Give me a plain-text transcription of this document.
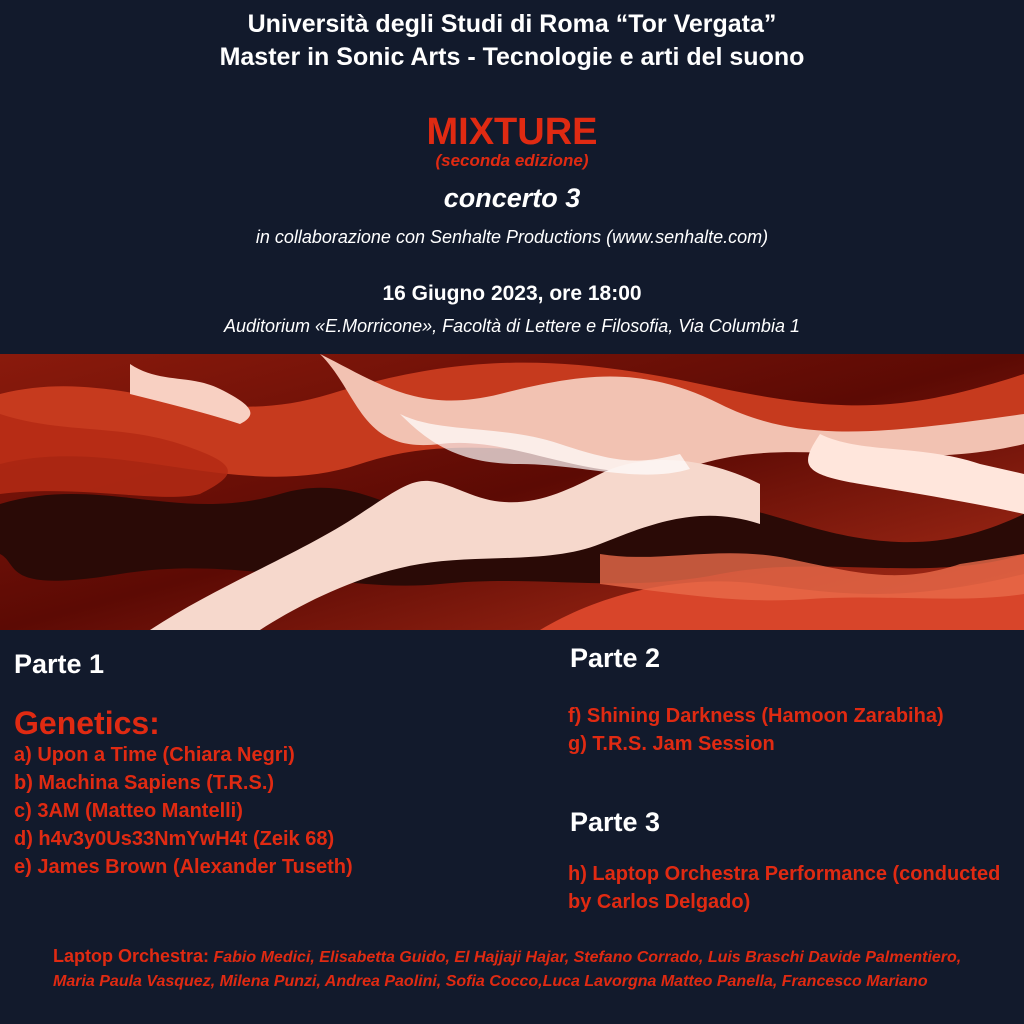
Università degli Studi di Roma “Tor Vergata”
Master in Sonic Arts - Tecnologie e arti del suono
MIXTURE
(seconda edizione)
concerto 3
in collaborazione con Senhalte Productions (www.senhalte.com)
16 Giugno 2023, ore 18:00
Auditorium «E.Morricone», Facoltà di Lettere e Filosofia, Via Columbia 1
Parte 1
Genetics:
a) Upon a Time (Chiara Negri)
b) Machina Sapiens (T.R.S.)
c) 3AM (Matteo Mantelli)
d) h4v3y0Us33NmYwH4t (Zeik 68)
e) James Brown (Alexander Tuseth)
Parte 2
f) Shining Darkness (Hamoon Zarabiha)
g) T.R.S. Jam Session
Parte 3
h) Laptop Orchestra Performance (conducted by Carlos Delgado)
Laptop Orchestra: Fabio Medici, Elisabetta Guido, El Hajjaji Hajar, Stefano Corrado, Luis Braschi Davide Palmentiero, Maria Paula Vasquez, Milena Punzi, Andrea Paolini, Sofia Cocco,Luca Lavorgna Matteo Panella, Francesco Mariano
